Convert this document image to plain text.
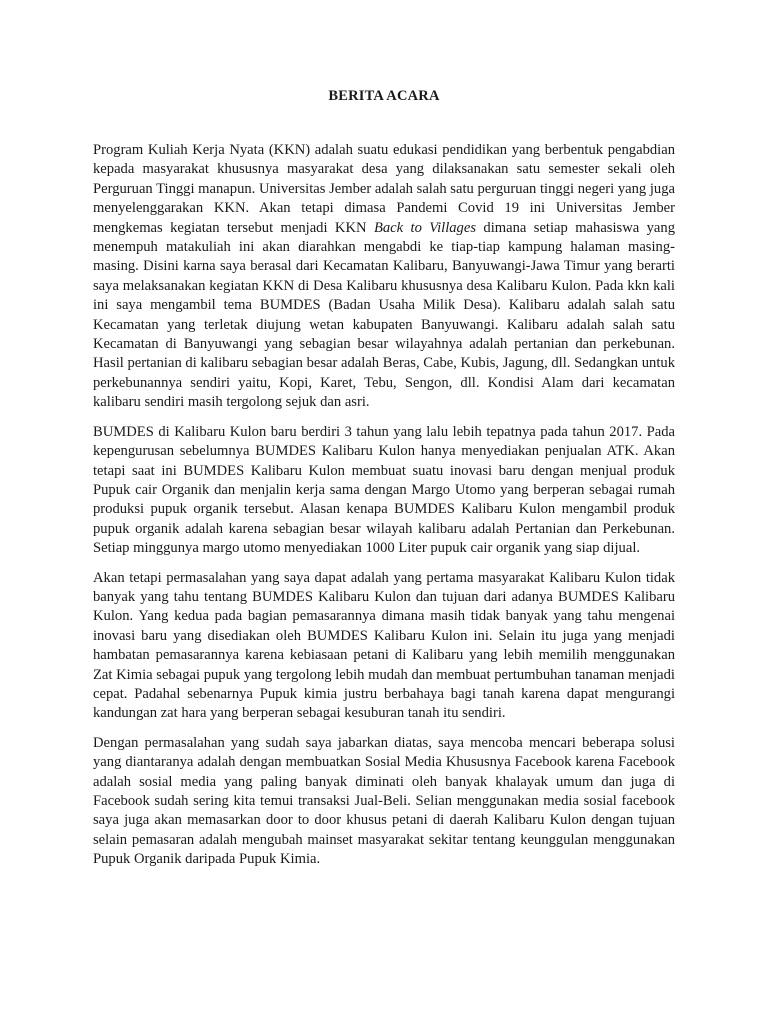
BERITA ACARA

Program Kuliah Kerja Nyata (KKN) adalah suatu edukasi pendidikan yang berbentuk pengabdian kepada masyarakat khususnya masyarakat desa yang dilaksanakan satu semester sekali oleh Perguruan Tinggi manapun. Universitas Jember adalah salah satu perguruan tinggi negeri yang juga menyelenggarakan KKN. Akan tetapi dimasa Pandemi Covid 19 ini Universitas Jember mengkemas kegiatan tersebut menjadi KKN Back to Villages dimana setiap mahasiswa yang menempuh matakuliah ini akan diarahkan mengabdi ke tiap-tiap kampung halaman masing-masing. Disini karna saya berasal dari Kecamatan Kalibaru, Banyuwangi-Jawa Timur yang berarti saya melaksanakan kegiatan KKN di Desa Kalibaru khususnya desa Kalibaru Kulon. Pada kkn kali ini saya mengambil tema BUMDES (Badan Usaha Milik Desa). Kalibaru adalah salah satu Kecamatan yang terletak diujung wetan kabupaten Banyuwangi. Kalibaru adalah salah satu Kecamatan di Banyuwangi yang sebagian besar wilayahnya adalah pertanian dan perkebunan. Hasil pertanian di kalibaru sebagian besar adalah Beras, Cabe, Kubis, Jagung, dll. Sedangkan untuk perkebunannya sendiri yaitu, Kopi, Karet, Tebu, Sengon, dll. Kondisi Alam dari kecamatan kalibaru sendiri masih tergolong sejuk dan asri.

BUMDES di Kalibaru Kulon baru berdiri 3 tahun yang lalu lebih tepatnya pada tahun 2017. Pada kepengurusan sebelumnya BUMDES Kalibaru Kulon hanya menyediakan penjualan ATK. Akan tetapi saat ini BUMDES Kalibaru Kulon membuat suatu inovasi baru dengan menjual produk Pupuk cair Organik dan menjalin kerja sama dengan Margo Utomo yang berperan sebagai rumah produksi pupuk organik tersebut. Alasan kenapa BUMDES Kalibaru Kulon mengambil produk pupuk organik adalah karena sebagian besar wilayah kalibaru adalah Pertanian dan Perkebunan. Setiap minggunya margo utomo menyediakan 1000 Liter pupuk cair organik yang siap dijual.

Akan tetapi permasalahan yang saya dapat adalah yang pertama masyarakat Kalibaru Kulon tidak banyak yang tahu tentang BUMDES Kalibaru Kulon dan tujuan dari adanya BUMDES Kalibaru Kulon. Yang kedua pada bagian pemasarannya dimana masih tidak banyak yang tahu mengenai inovasi baru yang disediakan oleh BUMDES Kalibaru Kulon ini. Selain itu juga yang menjadi hambatan pemasarannya karena kebiasaan petani di Kalibaru yang lebih memilih menggunakan Zat Kimia sebagai pupuk yang tergolong lebih mudah dan membuat pertumbuhan tanaman menjadi cepat. Padahal sebenarnya Pupuk kimia justru berbahaya bagi tanah karena dapat mengurangi kandungan zat hara yang berperan sebagai kesuburan tanah itu sendiri.

Dengan permasalahan yang sudah saya jabarkan diatas, saya mencoba mencari beberapa solusi yang diantaranya adalah dengan membuatkan Sosial Media Khususnya Facebook karena Facebook adalah sosial media yang paling banyak diminati oleh banyak khalayak umum dan juga di Facebook sudah sering kita temui transaksi Jual-Beli. Selian menggunakan media sosial facebook saya juga akan memasarkan door to door khusus petani di daerah Kalibaru Kulon dengan tujuan selain pemasaran adalah mengubah mainset masyarakat sekitar tentang keunggulan menggunakan Pupuk Organik daripada Pupuk Kimia.
